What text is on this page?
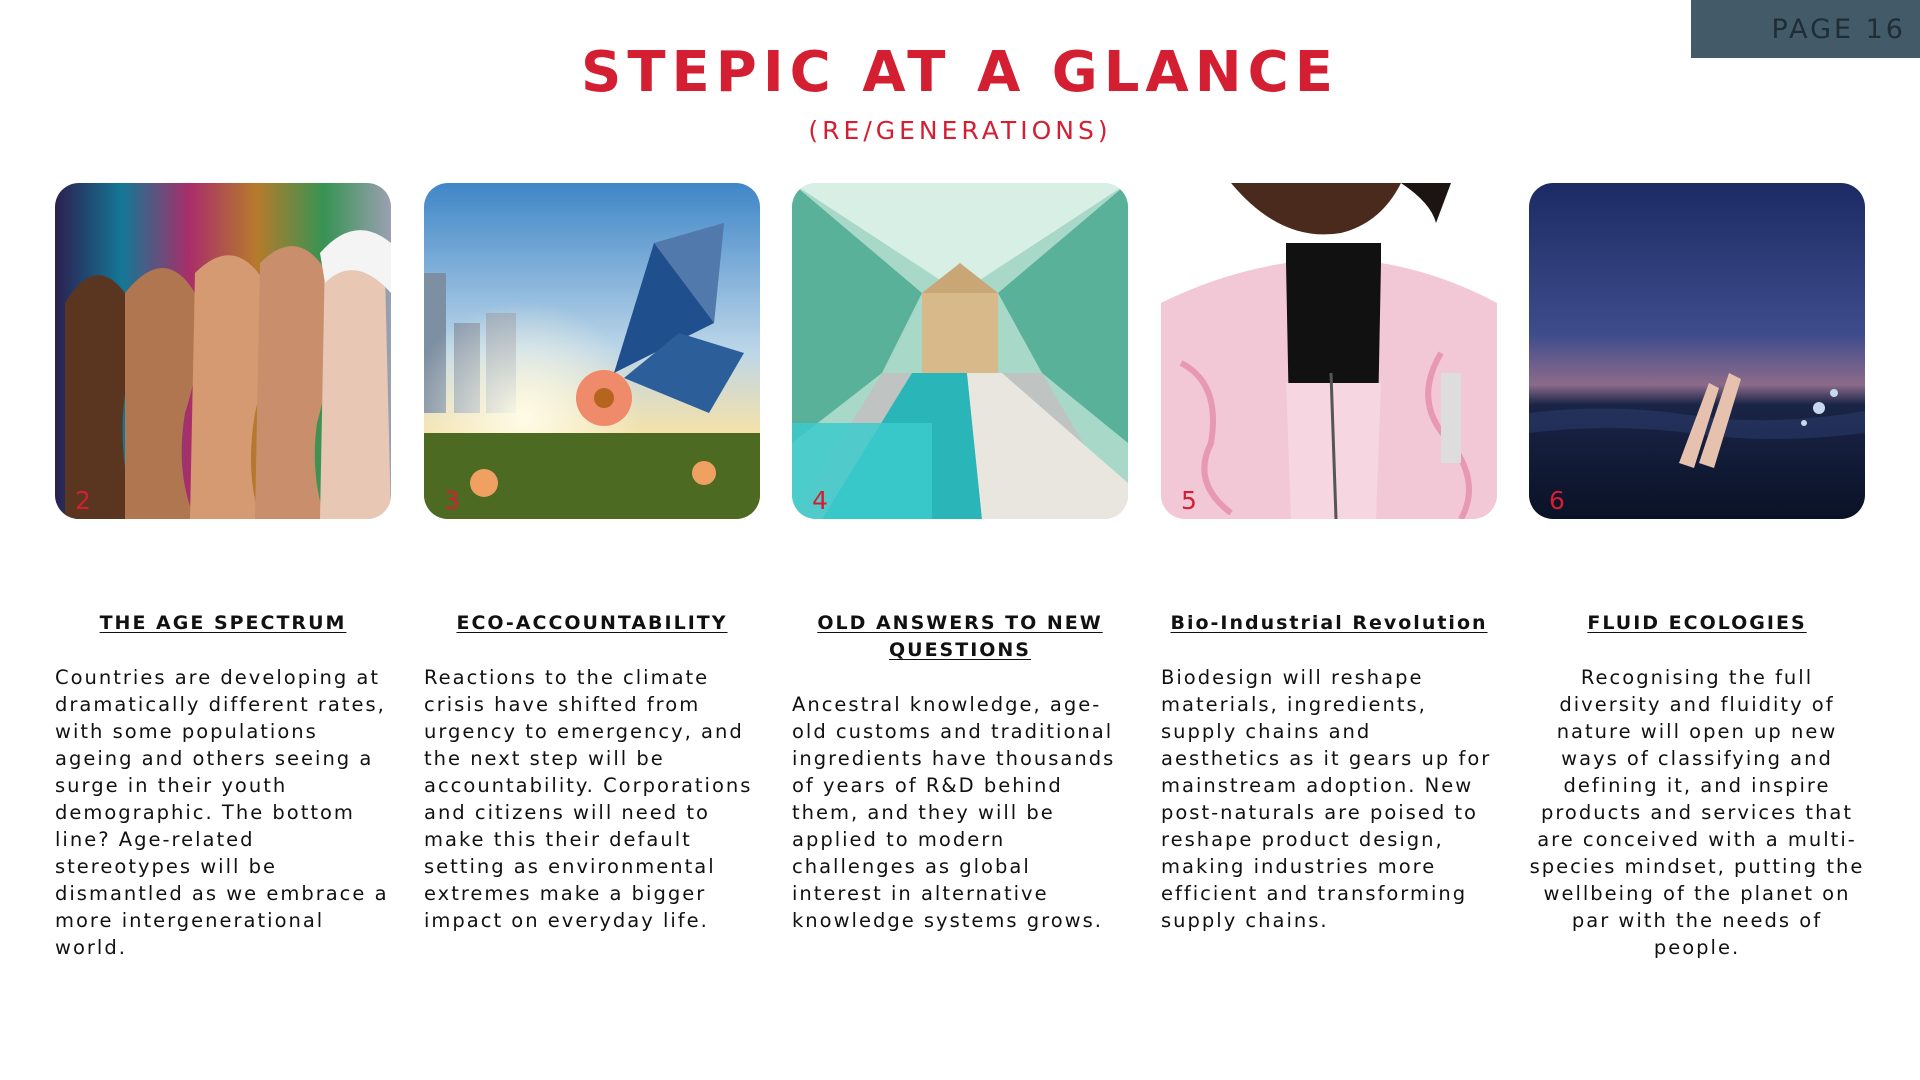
PAGE 16
STEPIC AT A GLANCE
(RE/GENERATIONS)
2
THE AGE SPECTRUM
Countries are developing at dramatically different rates, with some populations ageing and others seeing a surge in their youth demographic. The bottom line? Age-related stereotypes will be dismantled as we embrace a more intergenerational world.
3
ECO-ACCOUNTABILITY
Reactions to the climate crisis have shifted from urgency to emergency, and the next step will be accountability. Corporations and citizens will need to make this their default setting as environmental extremes make a bigger impact on everyday life.
4
OLD ANSWERS TO NEW QUESTIONS
Ancestral knowledge, age-old customs and traditional ingredients have thousands of years of R&D behind them, and they will be applied to modern challenges as global interest in alternative knowledge systems grows.
5
Bio-Industrial Revolution
Biodesign will reshape materials, ingredients, supply chains and aesthetics as it gears up for mainstream adoption. New post-naturals are poised to reshape product design, making industries more efficient and transforming supply chains.
6
FLUID ECOLOGIES
Recognising the full diversity and fluidity of nature will open up new ways of classifying and defining it, and inspire products and services that are conceived with a multi-species mindset, putting the wellbeing of the planet on par with the needs of people.
